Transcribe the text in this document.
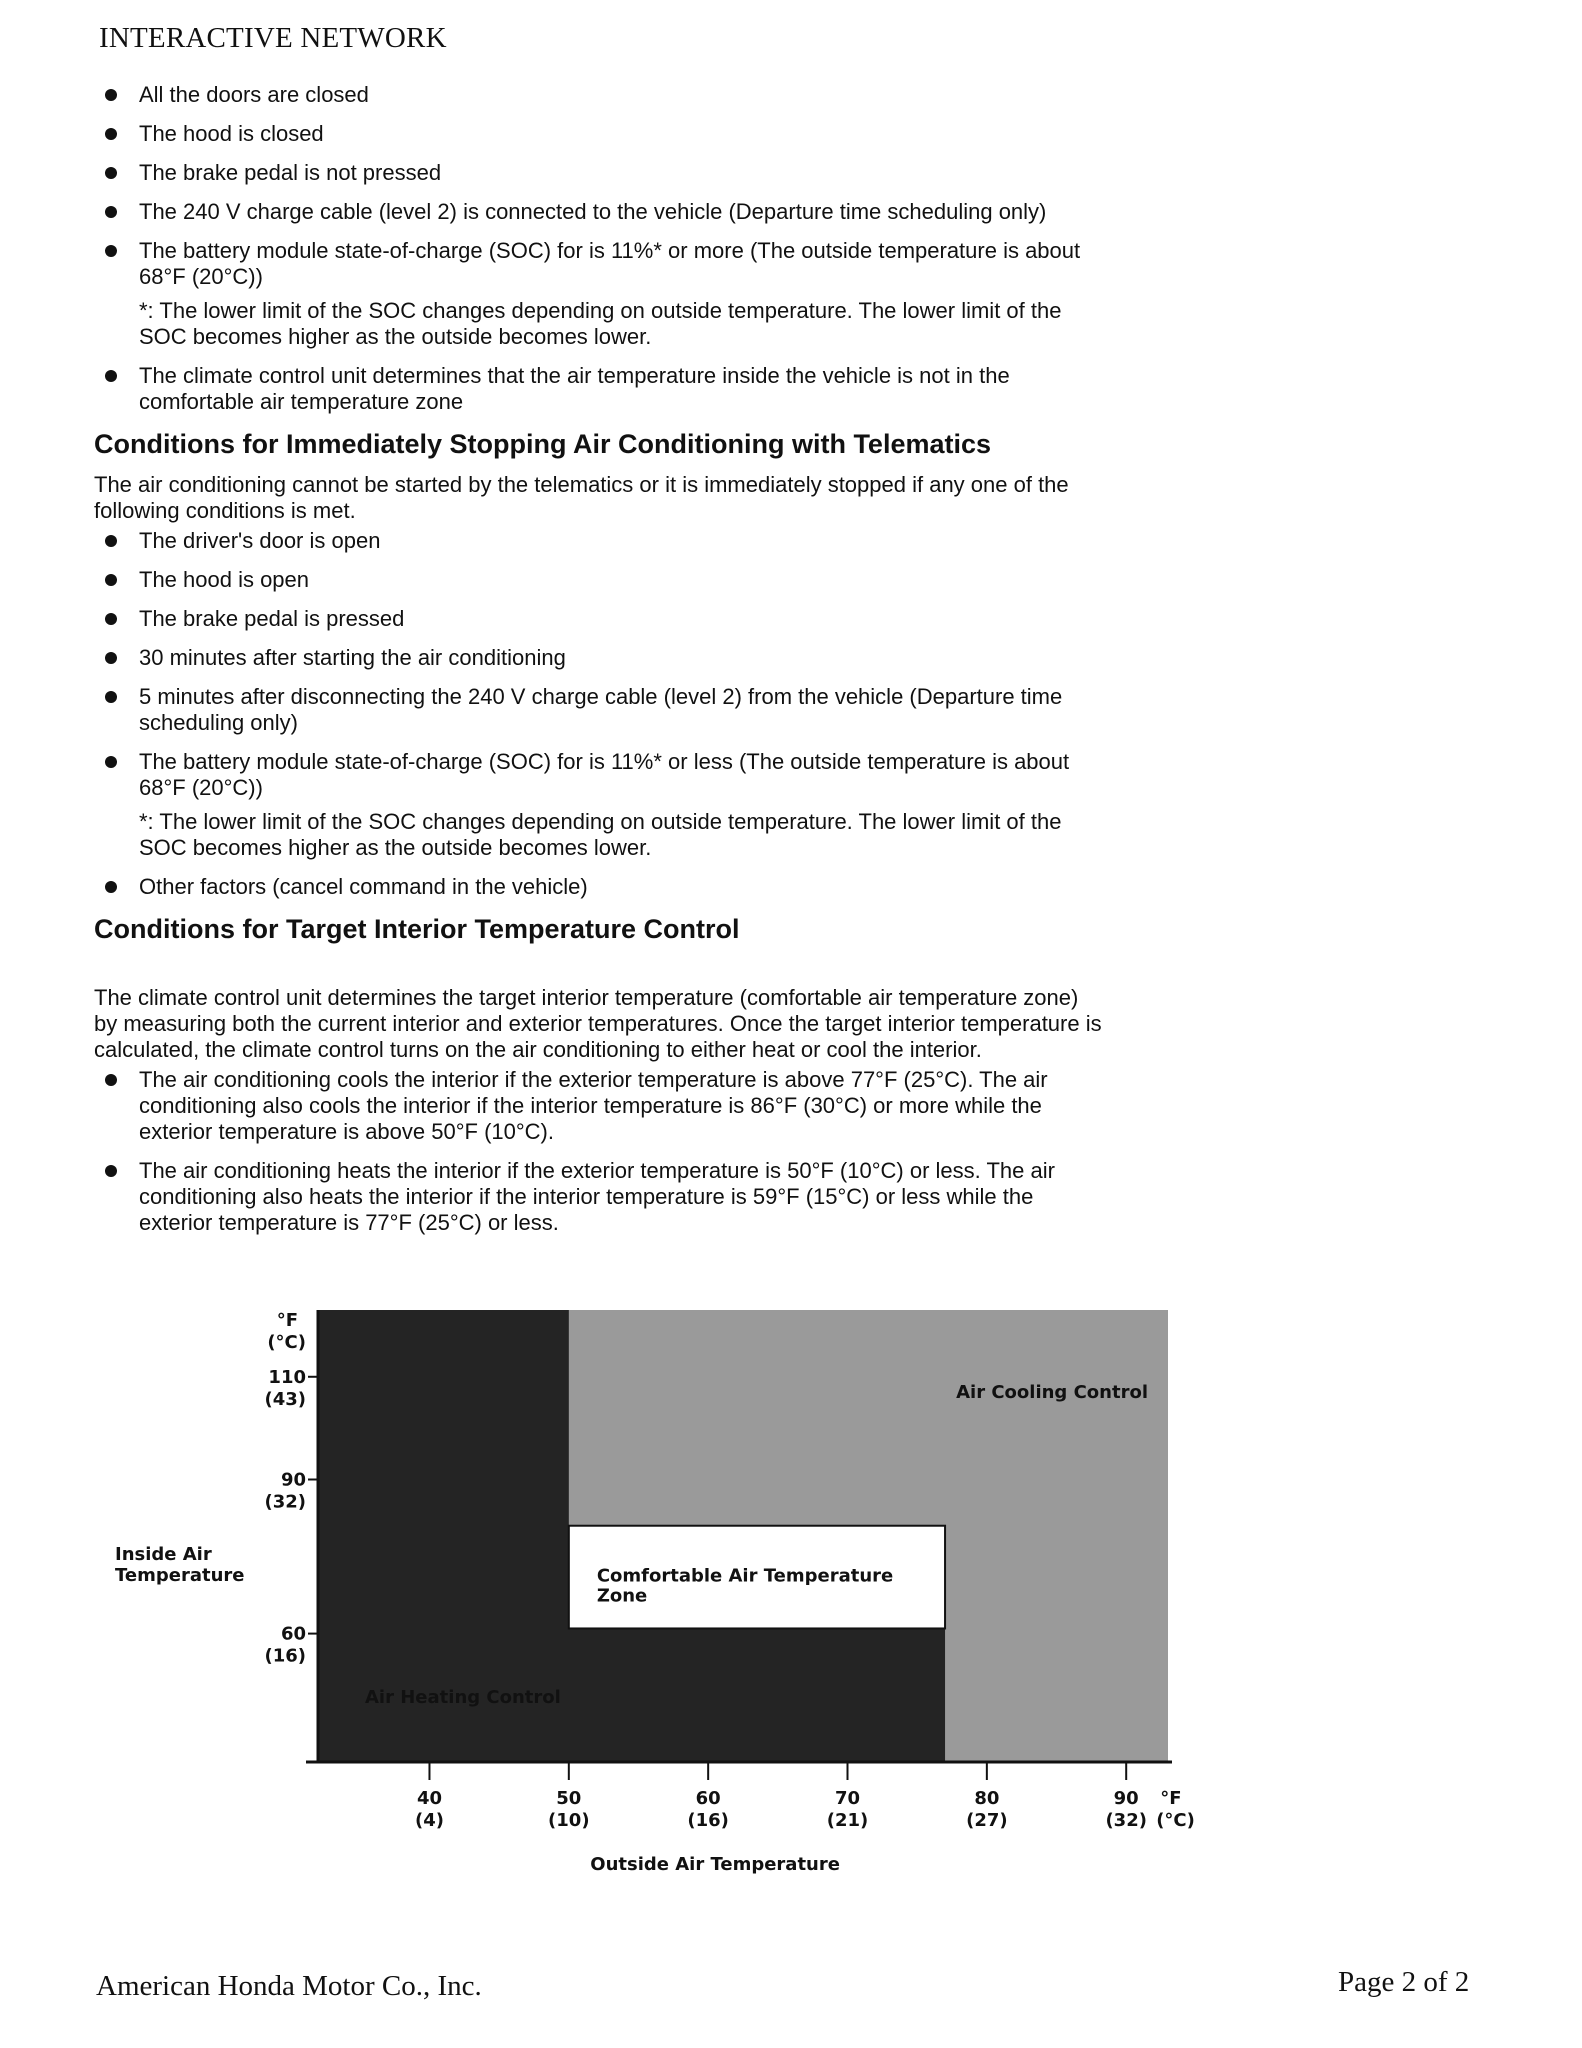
INTERACTIVE NETWORK
All the doors are closed
The hood is closed
The brake pedal is not pressed
The 240 V charge cable (level 2) is connected to the vehicle (Departure time scheduling only)
The battery module state-of-charge (SOC) for is 11%* or more (The outside temperature is about 68°F (20°C))
*: The lower limit of the SOC changes depending on outside temperature. The lower limit of the SOC becomes higher as the outside becomes lower.
The climate control unit determines that the air temperature inside the vehicle is not in the comfortable air temperature zone
Conditions for Immediately Stopping Air Conditioning with Telematics
The air conditioning cannot be started by the telematics or it is immediately stopped if any one of the following conditions is met.
The driver's door is open
The hood is open
The brake pedal is pressed
30 minutes after starting the air conditioning
5 minutes after disconnecting the 240 V charge cable (level 2) from the vehicle (Departure time scheduling only)
The battery module state-of-charge (SOC) for is 11%* or less (The outside temperature is about 68°F (20°C))
*: The lower limit of the SOC changes depending on outside temperature. The lower limit of the SOC becomes higher as the outside becomes lower.
Other factors (cancel command in the vehicle)
Conditions for Target Interior Temperature Control
The climate control unit determines the target interior temperature (comfortable air temperature zone) by measuring both the current interior and exterior temperatures. Once the target interior temperature is calculated, the climate control turns on the air conditioning to either heat or cool the interior.
The air conditioning cools the interior if the exterior temperature is above 77°F (25°C). The air conditioning also cools the interior if the interior temperature is 86°F (30°C) or more while the exterior temperature is above 50°F (10°C).
The air conditioning heats the interior if the exterior temperature is 50°F (10°C) or less. The air conditioning also heats the interior if the interior temperature is 59°F (15°C) or less while the exterior temperature is 77°F (25°C) or less.
Air Cooling Control
Air Heating Control
Comfortable Air Temperature
Zone
110
(43)
90
(32)
60
(16)
°F
(°C)
Inside Air
Temperature
40
(4)
50
(10)
60
(16)
70
(21)
80
(27)
90
(32)
°F
(°C)
Outside Air Temperature
American Honda Motor Co., Inc.	Page 2 of 2
